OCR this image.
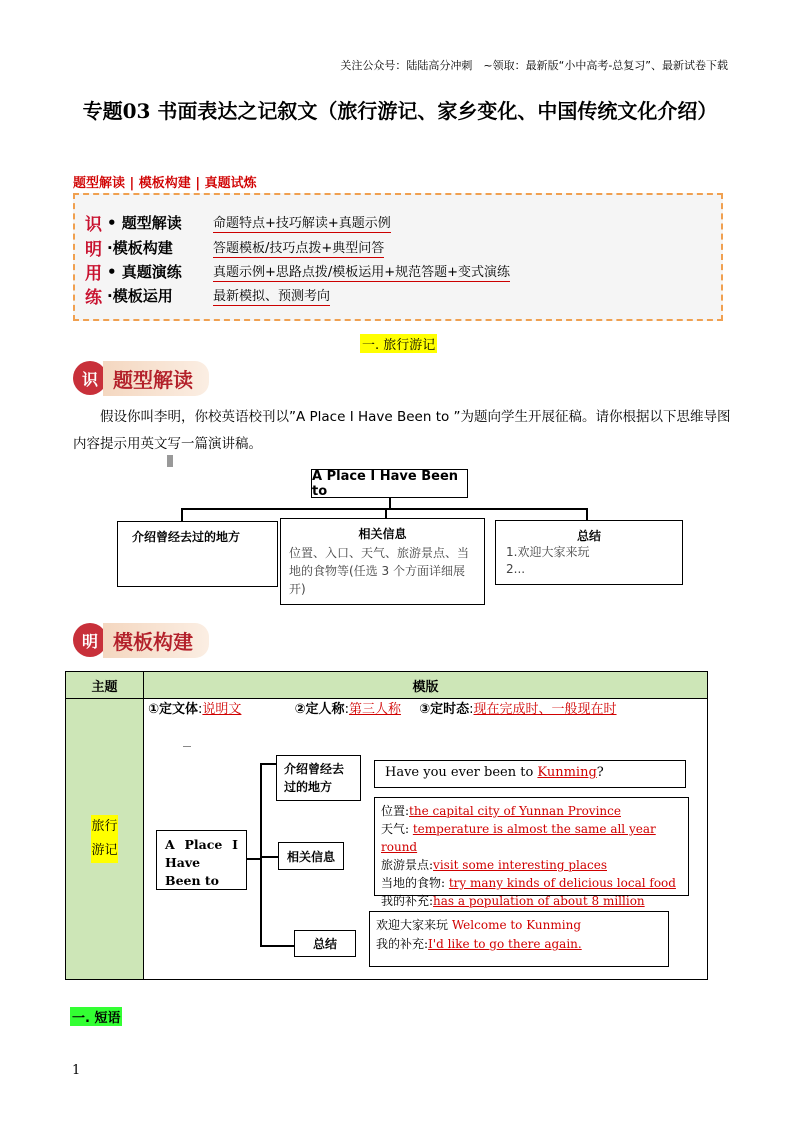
关注公众号：陆陆高分冲刺　~领取：最新版“小中高考-总复习”、最新试卷下载
专题03 书面表达之记叙文（旅行游记、家乡变化、中国传统文化介绍）
题型解读 | 模板构建 | 真题试炼
识 • 题型解读	命题特点+技巧解读+真题示例
明 ·模板构建	答题模板/技巧点拨+典型问答
用 • 真题演练	真题示例+思路点拨/模板运用+规范答题+变式演练
练 ·模板运用	最新模拟、预测考向
一. 旅行游记
识 题型解读
假设你叫李明，你校英语校刊以”A Place I Have Been to ”为题向学生开展征稿。请你根据以下思维导图内容提示用英文写一篇演讲稿。
A Place I Have Been to
介绍曾经去过的地方	相关信息
位置、入口、天气、旅游景点、当地的食物等(任选 3 个方面详细展开)
总结
1.欢迎大家来玩
2...
明 模板构建
主题	模版
旅行
游记	
①定文体:说明文	②定人称:第三人称 ③定时态:现在完成时、一般现在时
A Place I Have Been to
介绍曾经去过的地方
相关信息
总结
Have you ever been to Kunming?
位置:the capital city of Yunnan Province
天气: temperature is almost the same all year round
旅游景点:visit some interesting places
当地的食物: try many kinds of delicious local food
我的补充:has a population of about 8 million
欢迎大家来玩 Welcome to Kunming
我的补充:I'd like to go there again.
一. 短语
1
